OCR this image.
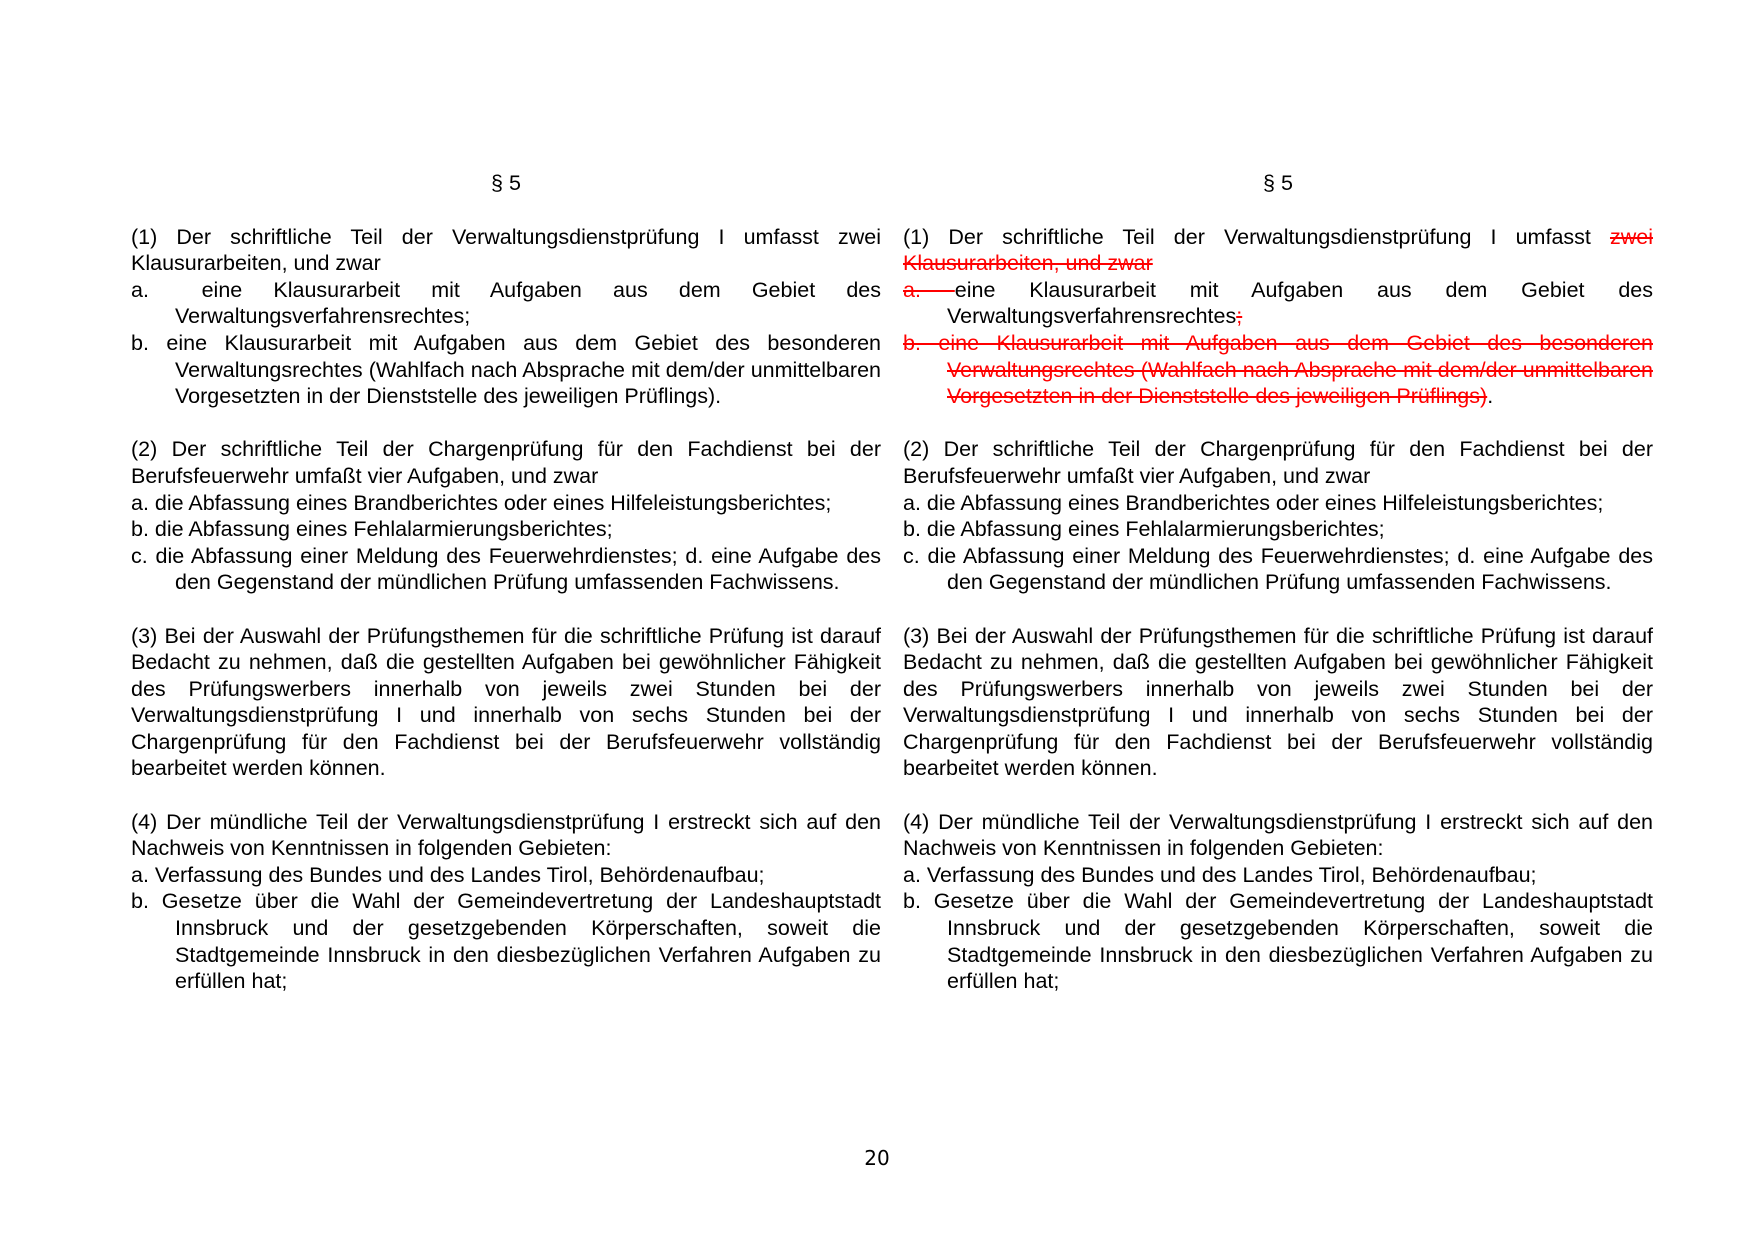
§ 5
(1) Der schriftliche Teil der Verwaltungsdienstprüfung I umfasst zwei Klausurarbeiten, und zwar
a.  eine Klausurarbeit mit Aufgaben aus dem Gebiet des Verwaltungsverfahrensrechtes;
b. eine Klausurarbeit mit Aufgaben aus dem Gebiet des besonderen Verwaltungsrechtes (Wahlfach nach Absprache mit dem/der unmittelbaren Vorgesetzten in der Dienststelle des jeweiligen Prüflings).
(2) Der schriftliche Teil der Chargenprüfung für den Fachdienst bei der Berufsfeuerwehr umfaßt vier Aufgaben, und zwar
a. die Abfassung eines Brandberichtes oder eines Hilfeleistungsberichtes;
b. die Abfassung eines Fehlalarmierungsberichtes;
c. die Abfassung einer Meldung des Feuerwehrdienstes; d. eine Aufgabe des den Gegenstand der mündlichen Prüfung umfassenden Fachwissens.
(3) Bei der Auswahl der Prüfungsthemen für die schriftliche Prüfung ist darauf Bedacht zu nehmen, daß die gestellten Aufgaben bei gewöhnlicher Fähigkeit des Prüfungswerbers innerhalb von jeweils zwei Stunden bei der Verwaltungsdienstprüfung I und innerhalb von sechs Stunden bei der Chargenprüfung für den Fachdienst bei der Berufsfeuerwehr vollständig bearbeitet werden können.
(4) Der mündliche Teil der Verwaltungsdienstprüfung I erstreckt sich auf den Nachweis von Kenntnissen in folgenden Gebieten:
a. Verfassung des Bundes und des Landes Tirol, Behördenaufbau;
b. Gesetze über die Wahl der Gemeindevertretung der Landeshauptstadt Innsbruck und der gesetzgebenden Körperschaften, soweit die Stadtgemeinde Innsbruck in den diesbezüglichen Verfahren Aufgaben zu erfüllen hat;
§ 5
(1) Der schriftliche Teil der Verwaltungsdienstprüfung I umfasst zwei Klausurarbeiten, und zwar
a. eine Klausurarbeit mit Aufgaben aus dem Gebiet des Verwaltungsverfahrensrechtes;
b. eine Klausurarbeit mit Aufgaben aus dem Gebiet des besonderen Verwaltungsrechtes (Wahlfach nach Absprache mit dem/der unmittelbaren Vorgesetzten in der Dienststelle des jeweiligen Prüflings).
(2) Der schriftliche Teil der Chargenprüfung für den Fachdienst bei der Berufsfeuerwehr umfaßt vier Aufgaben, und zwar
a. die Abfassung eines Brandberichtes oder eines Hilfeleistungsberichtes;
b. die Abfassung eines Fehlalarmierungsberichtes;
c. die Abfassung einer Meldung des Feuerwehrdienstes; d. eine Aufgabe des den Gegenstand der mündlichen Prüfung umfassenden Fachwissens.
(3) Bei der Auswahl der Prüfungsthemen für die schriftliche Prüfung ist darauf Bedacht zu nehmen, daß die gestellten Aufgaben bei gewöhnlicher Fähigkeit des Prüfungswerbers innerhalb von jeweils zwei Stunden bei der Verwaltungsdienstprüfung I und innerhalb von sechs Stunden bei der Chargenprüfung für den Fachdienst bei der Berufsfeuerwehr vollständig bearbeitet werden können.
(4) Der mündliche Teil der Verwaltungsdienstprüfung I erstreckt sich auf den Nachweis von Kenntnissen in folgenden Gebieten:
a. Verfassung des Bundes und des Landes Tirol, Behördenaufbau;
b. Gesetze über die Wahl der Gemeindevertretung der Landeshauptstadt Innsbruck und der gesetzgebenden Körperschaften, soweit die Stadtgemeinde Innsbruck in den diesbezüglichen Verfahren Aufgaben zu erfüllen hat;
20
